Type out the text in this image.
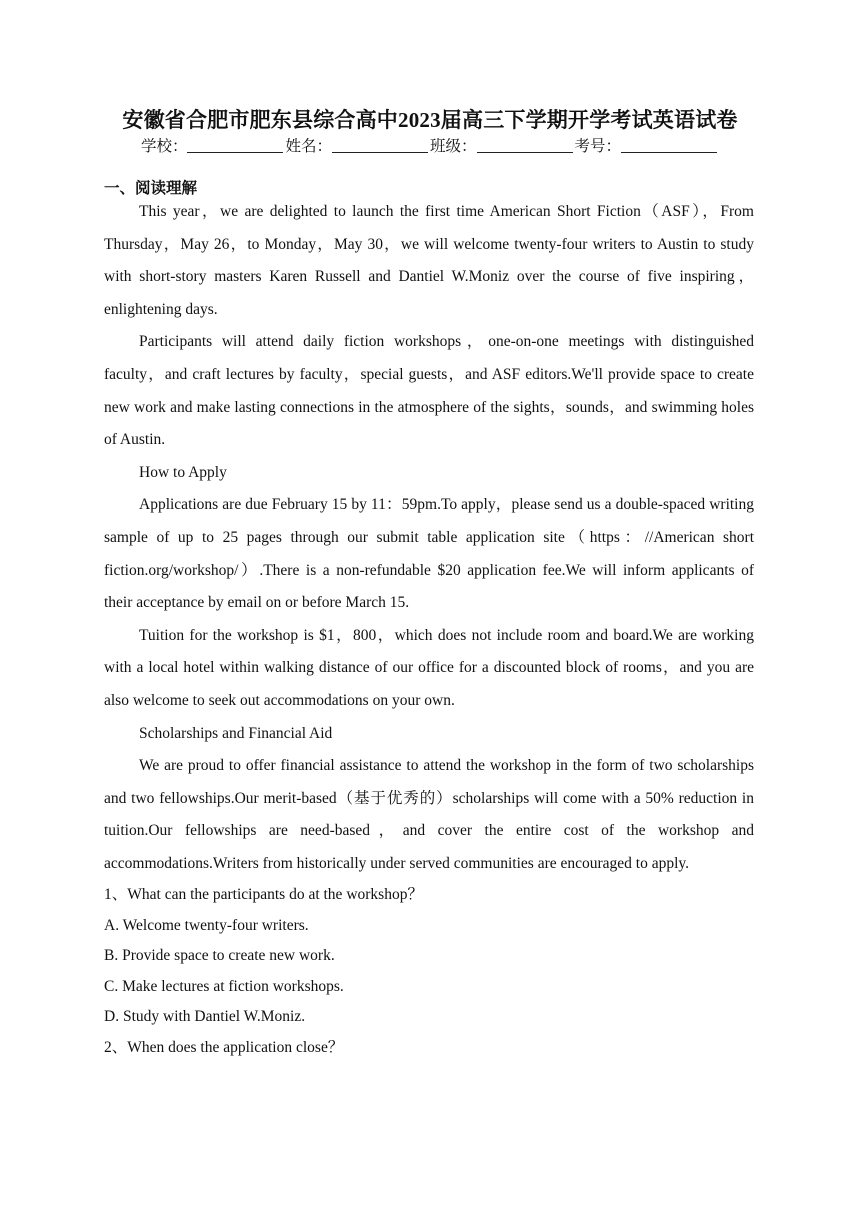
安徽省合肥市肥东县综合高中2023届高三下学期开学考试英语试卷
学校：	姓名：	班级：	考号：
一、阅读理解

This year，we are delighted to launch the first time American Short Fiction（ASF），From Thursday，May 26，to Monday，May 30，we will welcome twenty-four writers to Austin to study with short-story masters Karen Russell and Dantiel W.Moniz over the course of five inspiring，enlightening days.

Participants will attend daily fiction workshops，one-on-one meetings with distinguished faculty，and craft lectures by faculty，special guests，and ASF editors.We'll provide space to create new work and make lasting connections in the atmosphere of the sights，sounds，and swimming holes of Austin.

How to Apply

Applications are due February 15 by 11：59pm.To apply，please send us a double-spaced writing sample of up to 25 pages through our submit table application site（https：//American short fiction.org/workshop/）.There is a non-refundable $20 application fee.We will inform applicants of their acceptance by email on or before March 15.

Tuition for the workshop is $1，800，which does not include room and board.We are working with a local hotel within walking distance of our office for a discounted block of rooms，and you are also welcome to seek out accommodations on your own.

Scholarships and Financial Aid

We are proud to offer financial assistance to attend the workshop in the form of two scholarships and two fellowships.Our merit-based（基于优秀的）scholarships will come with a 50% reduction in tuition.Our fellowships are need-based，and cover the entire cost of the workshop and accommodations.Writers from historically under served communities are encouraged to apply.

1、What can the participants do at the workshop？

A. Welcome twenty-four writers.

B. Provide space to create new work.

C. Make lectures at fiction workshops.

D. Study with Dantiel W.Moniz.

2、When does the application close？
